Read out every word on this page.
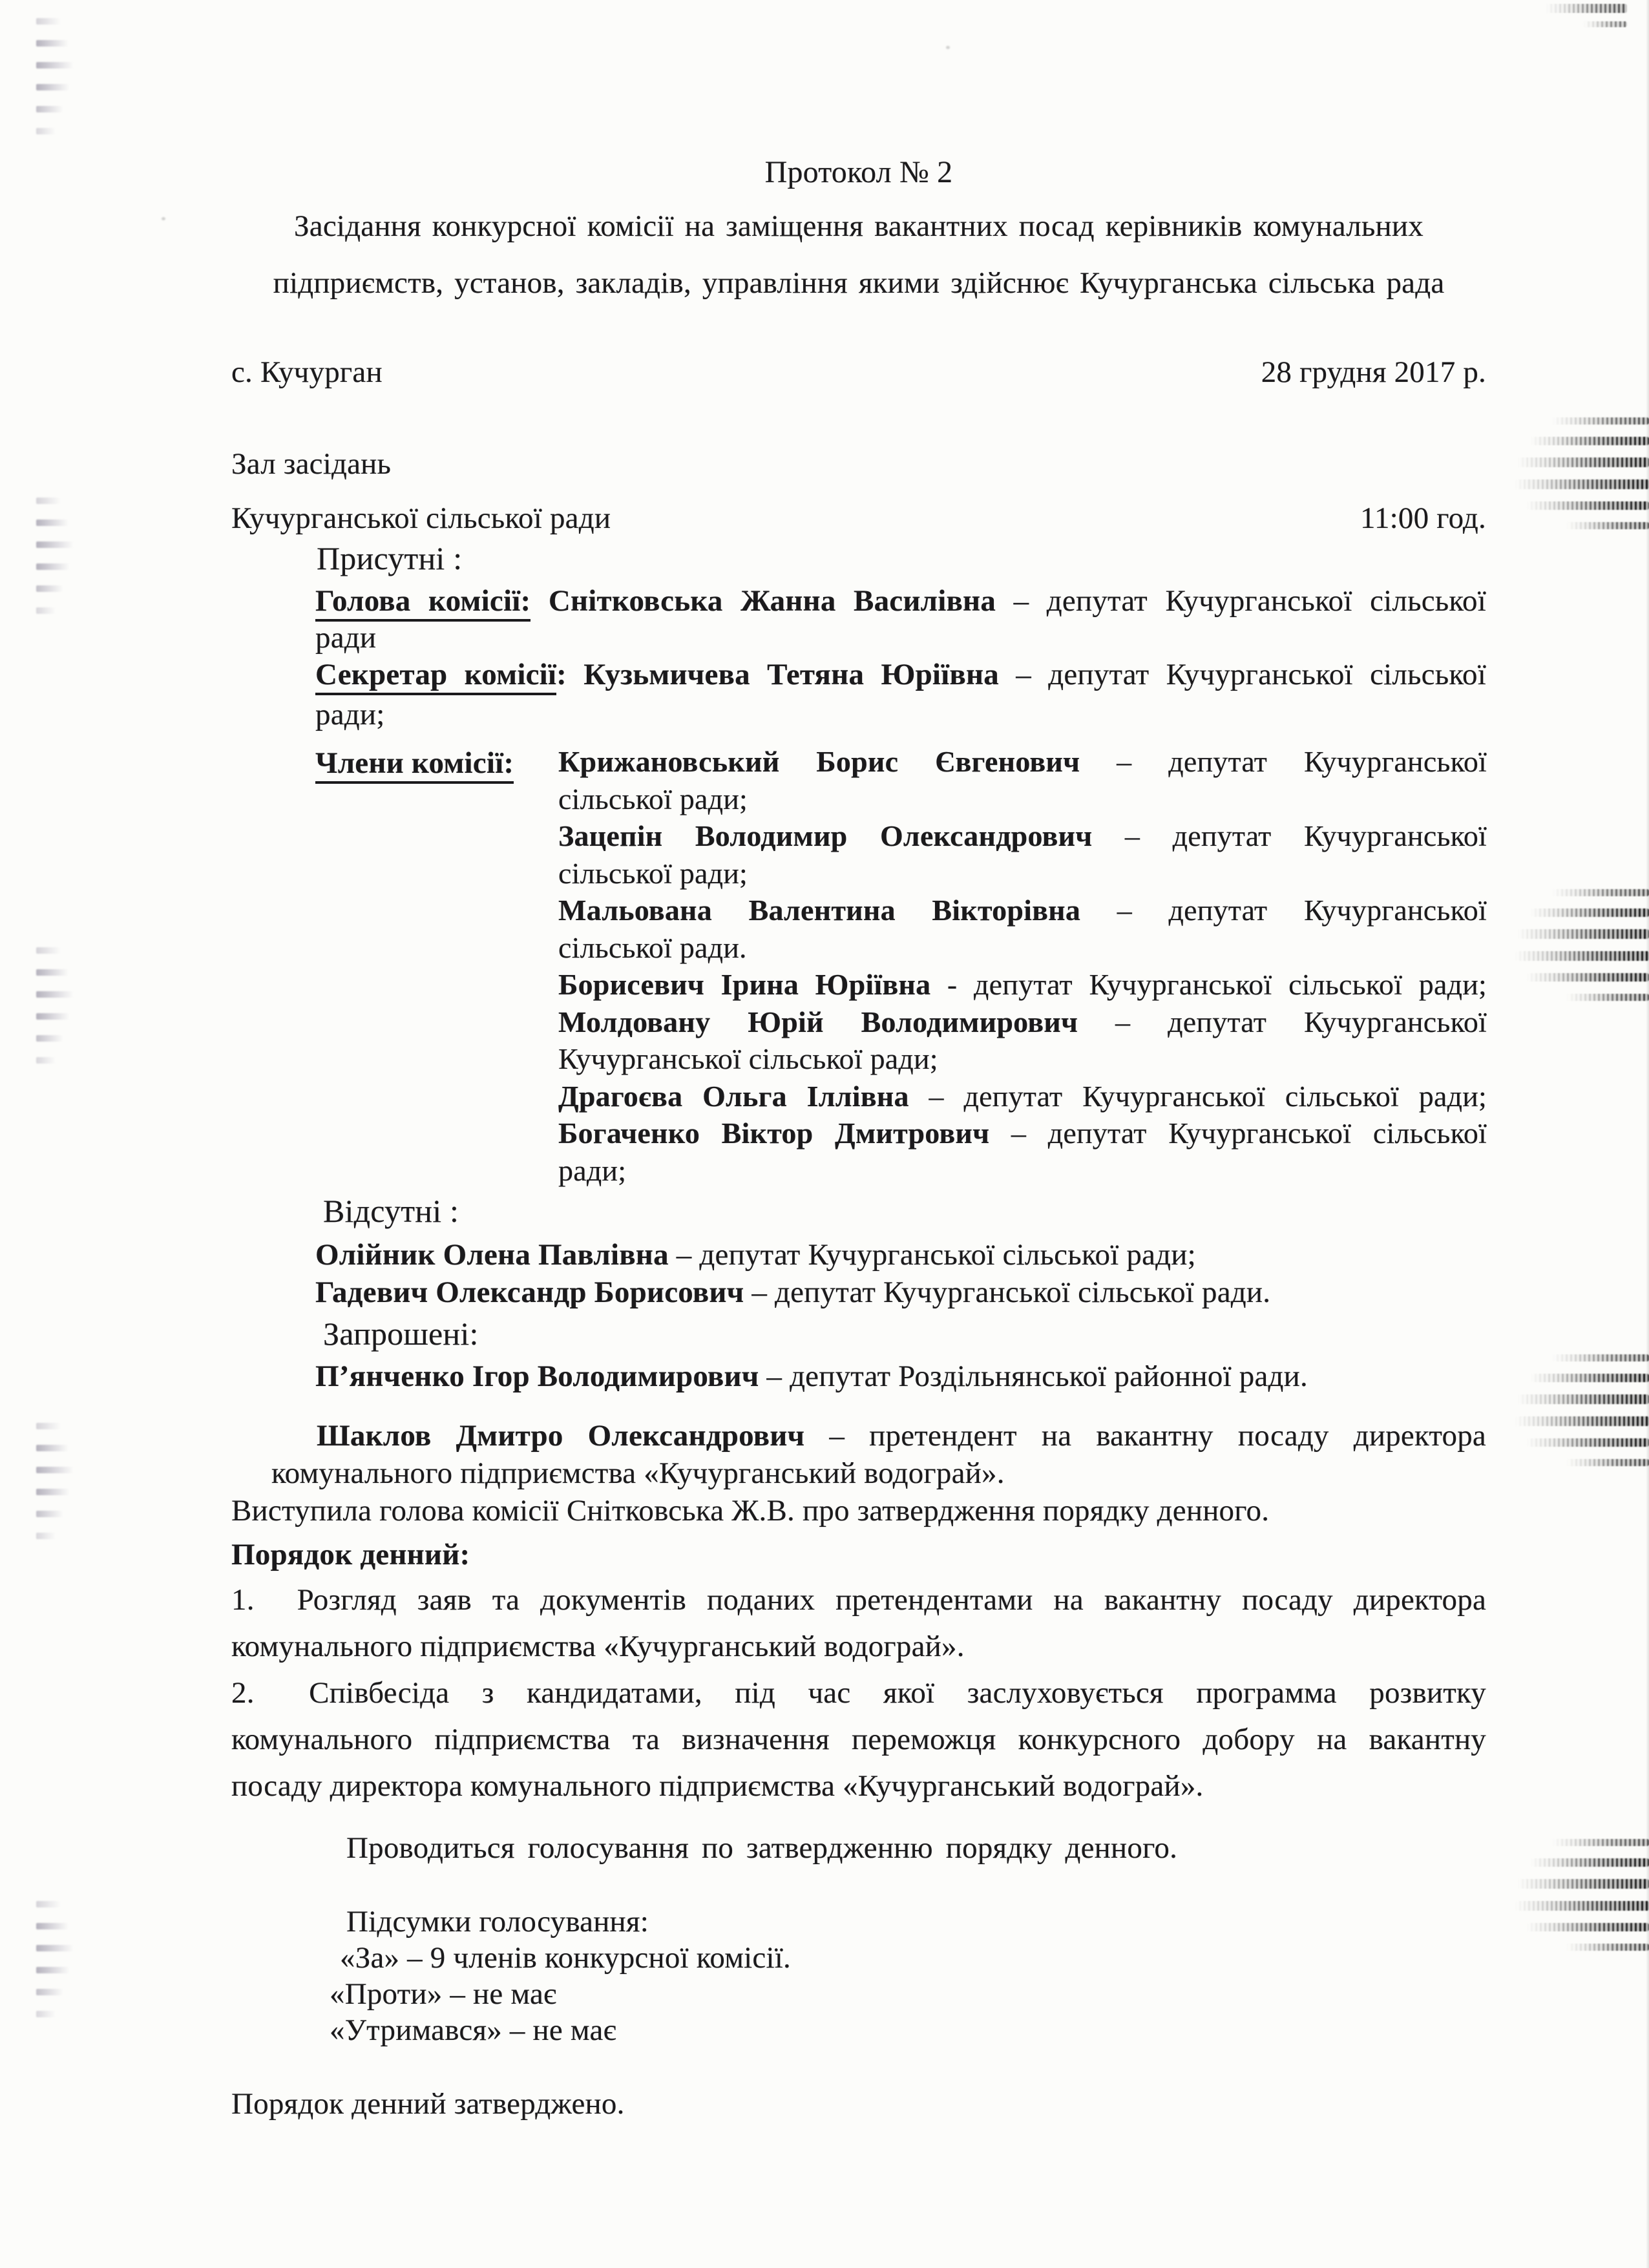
Протокол № 2
Засідання конкурсної комісії на заміщення вакантних посад керівників комунальних
підприємств, установ, закладів, управління якими здійснює Кучурганська сільська рада
с. Кучурган	28 грудня 2017 р.
Зал засідань
Кучурганської сільської ради	11:00 год.
Присутні :
Голова комісії: Снітковська Жанна Василівна – депутат Кучурганської сільської
ради
Секретар комісії: Кузьмичева Тетяна Юріївна – депутат Кучурганської сільської
ради;
Члени комісії:	Крижановський Борис Євгенович – депутат Кучурганської
сільської ради;
Зацепін Володимир Олександрович – депутат Кучурганської
сільської ради;
Мальована Валентина Вікторівна – депутат Кучурганської
сільської ради.
Борисевич Ірина Юріївна - депутат Кучурганської сільської ради;
Молдовану Юрій Володимирович – депутат Кучурганської
Кучурганської сільської ради;
Драгоєва Ольга Іллівна – депутат Кучурганської сільської ради;
Богаченко Віктор Дмитрович – депутат Кучурганської сільської
ради;
Відсутні :
Олійник Олена Павлівна – депутат Кучурганської сільської ради;
Гадевич Олександр Борисович – депутат Кучурганської сільської ради.
Запрошені:
П’янченко Ігор Володимирович – депутат Роздільнянської районної ради.
Шаклов Дмитро Олександрович – претендент на вакантну посаду директора
комунального підприємства «Кучурганський водограй».
Виступила голова комісії Снітковська Ж.В. про затвердження порядку денного.
Порядок денний:
1. Розгляд заяв та документів поданих претендентами на вакантну посаду директора
комунального підприємства «Кучурганський водограй».
2. Співбесіда з кандидатами, під час якої заслуховується программа розвитку
комунального підприємства та визначення переможця конкурсного добору на вакантну
посаду директора комунального підприємства «Кучурганський водограй».
Проводиться голосування по затвердженню порядку денного.
Підсумки голосування:
«За» – 9 членів конкурсної комісії.
«Проти» – не має
«Утримався» – не має
Порядок денний затверджено.
